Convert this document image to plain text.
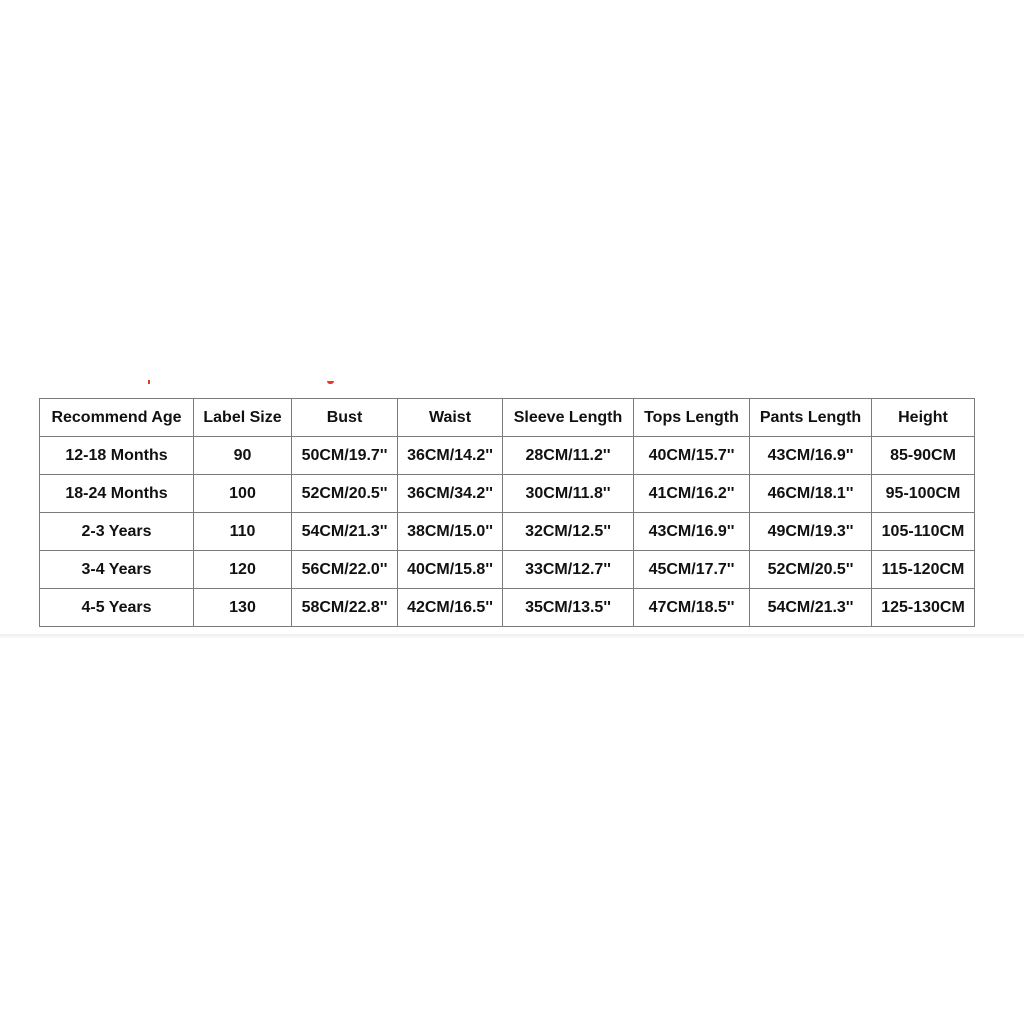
Recommend Age	Label Size	Bust	Waist	Sleeve Length	Tops Length	Pants Length	Height
12-18 Months	90	50CM/19.7''	36CM/14.2''	28CM/11.2''	40CM/15.7''	43CM/16.9''	85-90CM
18-24 Months	100	52CM/20.5''	36CM/34.2''	30CM/11.8''	41CM/16.2''	46CM/18.1''	95-100CM
2-3 Years	110	54CM/21.3''	38CM/15.0''	32CM/12.5''	43CM/16.9''	49CM/19.3''	105-110CM
3-4 Years	120	56CM/22.0''	40CM/15.8''	33CM/12.7''	45CM/17.7''	52CM/20.5''	115-120CM
4-5 Years	130	58CM/22.8''	42CM/16.5''	35CM/13.5''	47CM/18.5''	54CM/21.3''	125-130CM
